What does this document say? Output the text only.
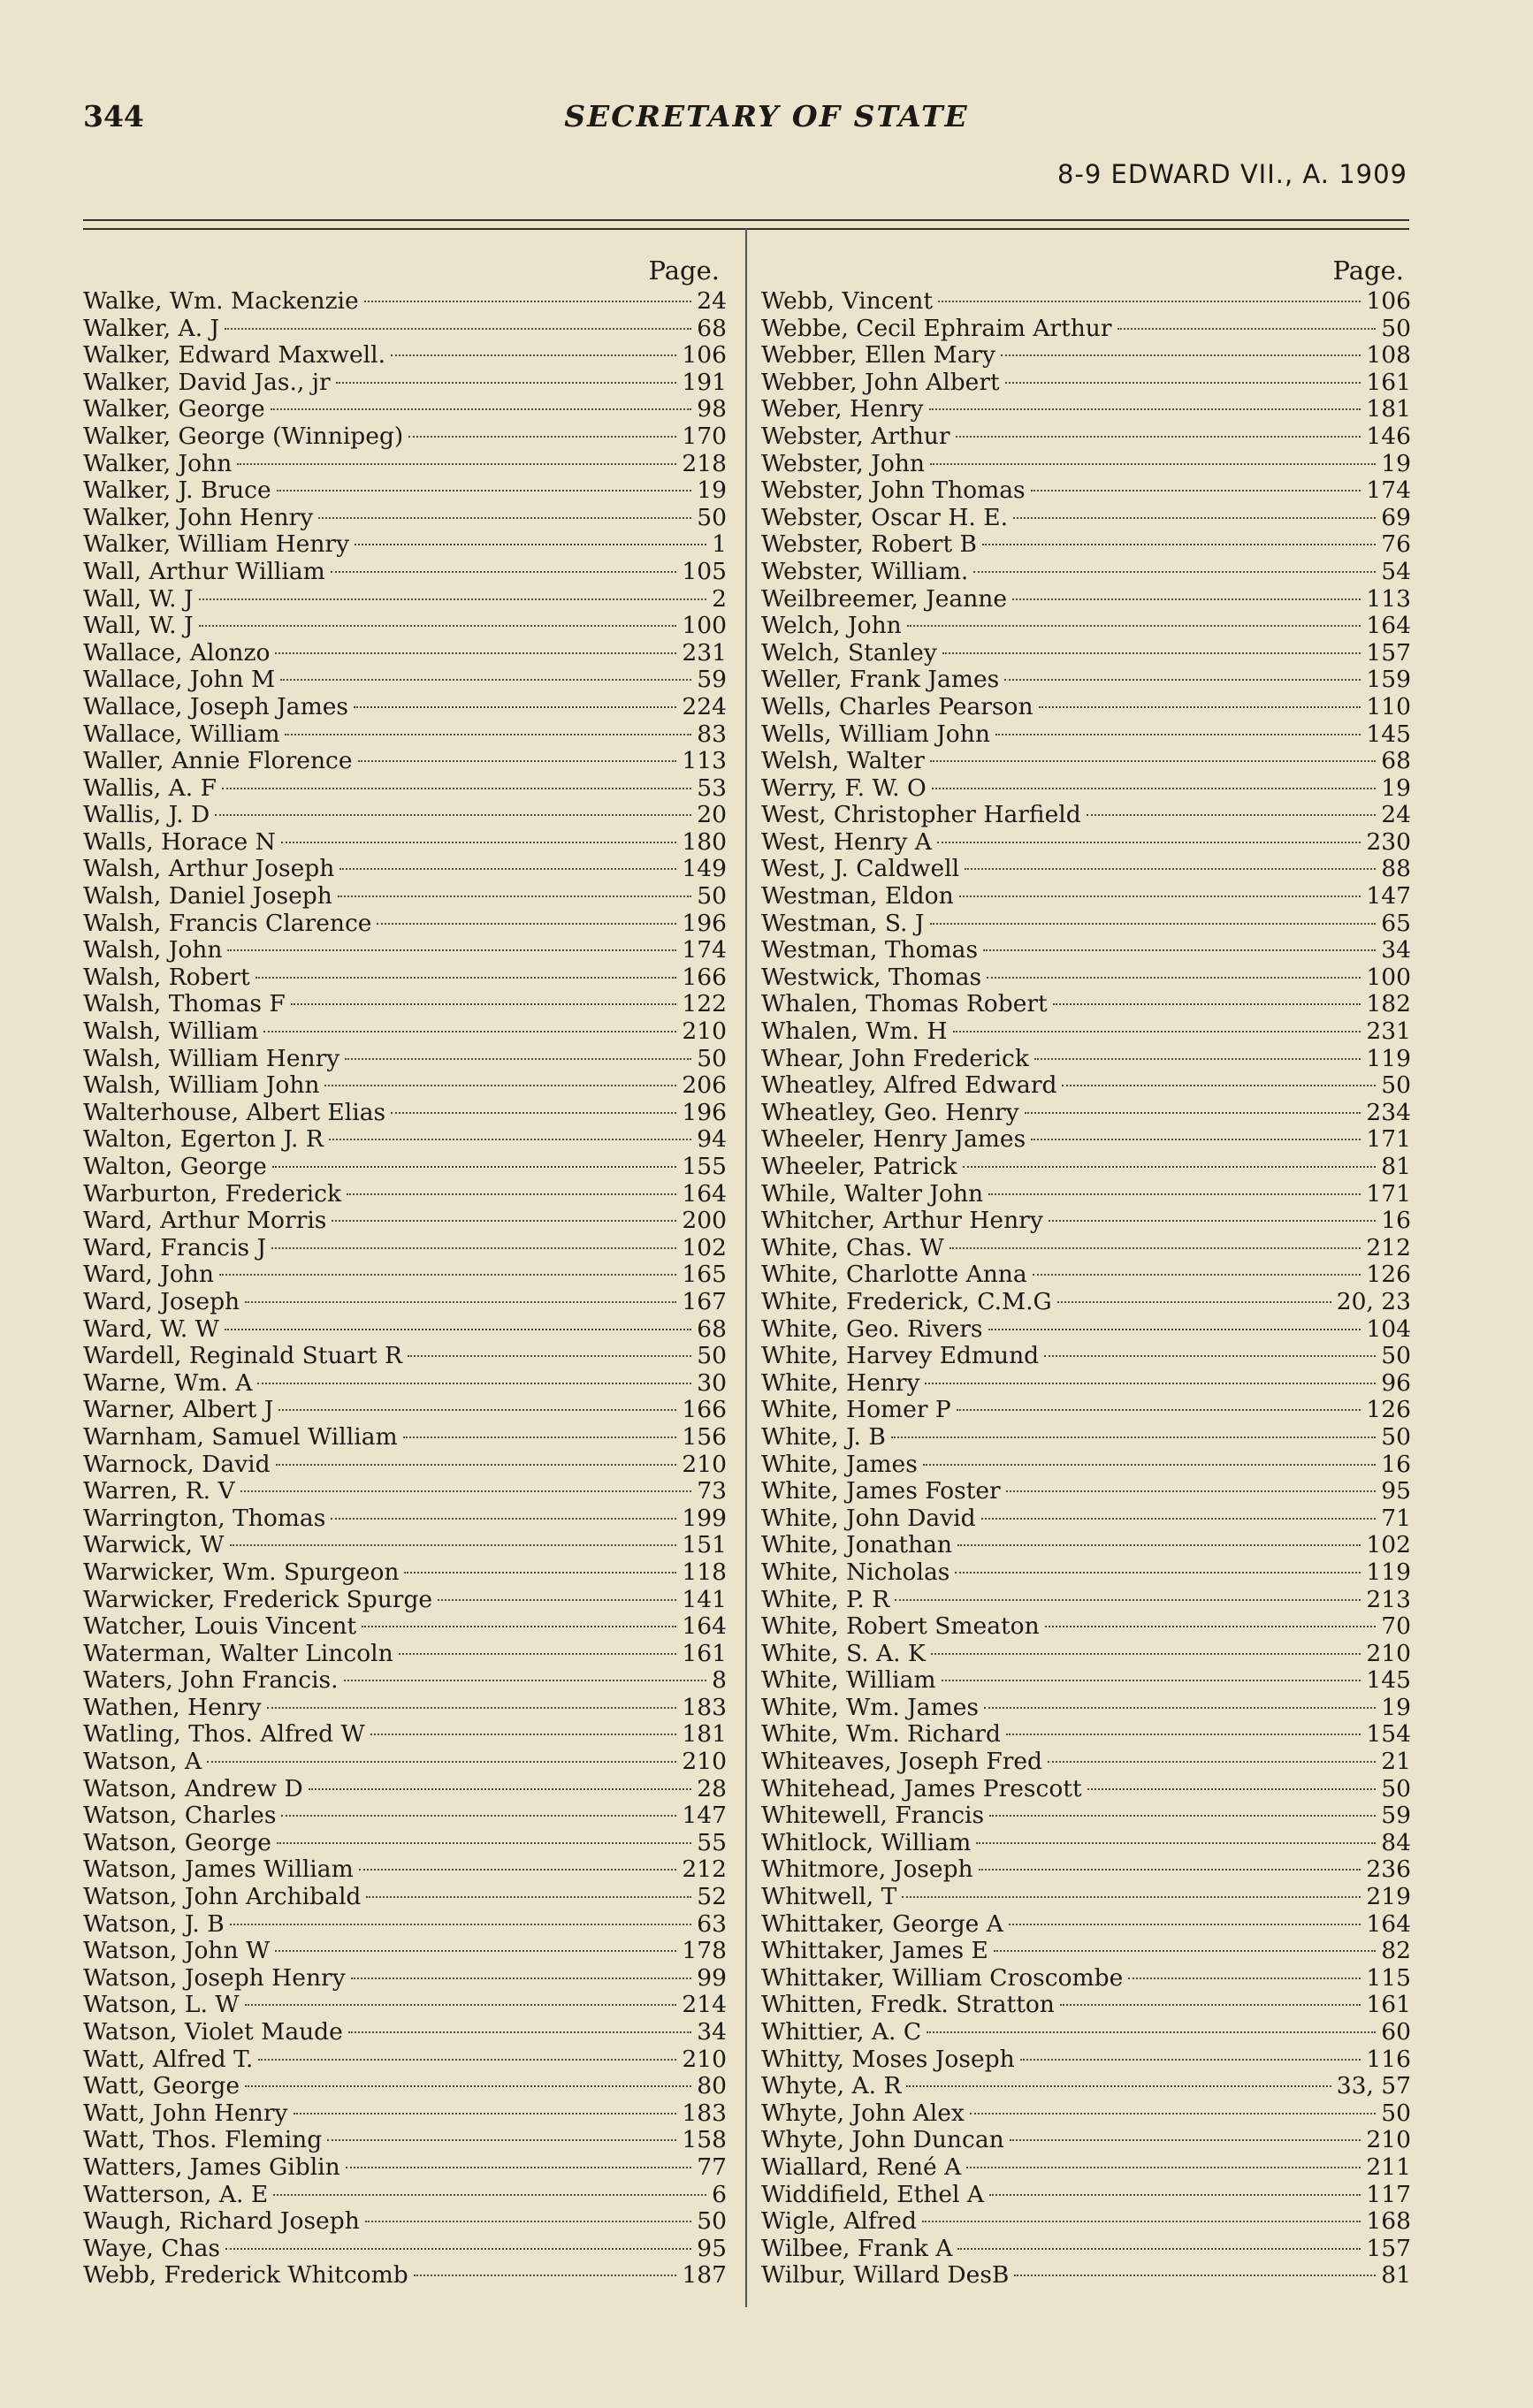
344	SECRETARY OF STATE
8-9 EDWARD VII., A. 1909
Page.
Walke, Wm. Mackenzie	24
Walker, A. J	68
Walker, Edward Maxwell.	106
Walker, David Jas., jr	191
Walker, George	98
Walker, George (Winnipeg)	170
Walker, John	218
Walker, J. Bruce	19
Walker, John Henry	50
Walker, William Henry	1
Wall, Arthur William	105
Wall, W. J	2
Wall, W. J	100
Wallace, Alonzo	231
Wallace, John M	59
Wallace, Joseph James	224
Wallace, William	83
Waller, Annie Florence	113
Wallis, A. F	53
Wallis, J. D	20
Walls, Horace N	180
Walsh, Arthur Joseph	149
Walsh, Daniel Joseph	50
Walsh, Francis Clarence	196
Walsh, John	174
Walsh, Robert	166
Walsh, Thomas F	122
Walsh, William	210
Walsh, William Henry	50
Walsh, William John	206
Walterhouse, Albert Elias	196
Walton, Egerton J. R	94
Walton, George	155
Warburton, Frederick	164
Ward, Arthur Morris	200
Ward, Francis J	102
Ward, John	165
Ward, Joseph	167
Ward, W. W	68
Wardell, Reginald Stuart R	50
Warne, Wm. A	30
Warner, Albert J	166
Warnham, Samuel William	156
Warnock, David	210
Warren, R. V	73
Warrington, Thomas	199
Warwick, W	151
Warwicker, Wm. Spurgeon	118
Warwicker, Frederick Spurge	141
Watcher, Louis Vincent	164
Waterman, Walter Lincoln	161
Waters, John Francis.	8
Wathen, Henry	183
Watling, Thos. Alfred W	181
Watson, A	210
Watson, Andrew D	28
Watson, Charles	147
Watson, George	55
Watson, James William	212
Watson, John Archibald	52
Watson, J. B	63
Watson, John W	178
Watson, Joseph Henry	99
Watson, L. W	214
Watson, Violet Maude	34
Watt, Alfred T.	210
Watt, George	80
Watt, John Henry	183
Watt, Thos. Fleming	158
Watters, James Giblin	77
Watterson, A. E	6
Waugh, Richard Joseph	50
Waye, Chas	95
Webb, Frederick Whitcomb	187
Page.
Webb, Vincent	106
Webbe, Cecil Ephraim Arthur	50
Webber, Ellen Mary	108
Webber, John Albert	161
Weber, Henry	181
Webster, Arthur	146
Webster, John	19
Webster, John Thomas	174
Webster, Oscar H. E.	69
Webster, Robert B	76
Webster, William.	54
Weilbreemer, Jeanne	113
Welch, John	164
Welch, Stanley	157
Weller, Frank James	159
Wells, Charles Pearson	110
Wells, William John	145
Welsh, Walter	68
Werry, F. W. O	19
West, Christopher Harfield	24
West, Henry A	230
West, J. Caldwell	88
Westman, Eldon	147
Westman, S. J	65
Westman, Thomas	34
Westwick, Thomas	100
Whalen, Thomas Robert	182
Whalen, Wm. H	231
Whear, John Frederick	119
Wheatley, Alfred Edward	50
Wheatley, Geo. Henry	234
Wheeler, Henry James	171
Wheeler, Patrick	81
While, Walter John	171
Whitcher, Arthur Henry	16
White, Chas. W	212
White, Charlotte Anna	126
White, Frederick, C.M.G	20, 23
White, Geo. Rivers	104
White, Harvey Edmund	50
White, Henry	96
White, Homer P	126
White, J. B	50
White, James	16
White, James Foster	95
White, John David	71
White, Jonathan	102
White, Nicholas	119
White, P. R	213
White, Robert Smeaton	70
White, S. A. K	210
White, William	145
White, Wm. James	19
White, Wm. Richard	154
Whiteaves, Joseph Fred	21
Whitehead, James Prescott	50
Whitewell, Francis	59
Whitlock, William	84
Whitmore, Joseph	236
Whitwell, T	219
Whittaker, George A	164
Whittaker, James E	82
Whittaker, William Croscombe	115
Whitten, Fredk. Stratton	161
Whittier, A. C	60
Whitty, Moses Joseph	116
Whyte, A. R	33, 57
Whyte, John Alex	50
Whyte, John Duncan	210
Wiallard, René A	211
Widdifield, Ethel A	117
Wigle, Alfred	168
Wilbee, Frank A	157
Wilbur, Willard DesB	81
